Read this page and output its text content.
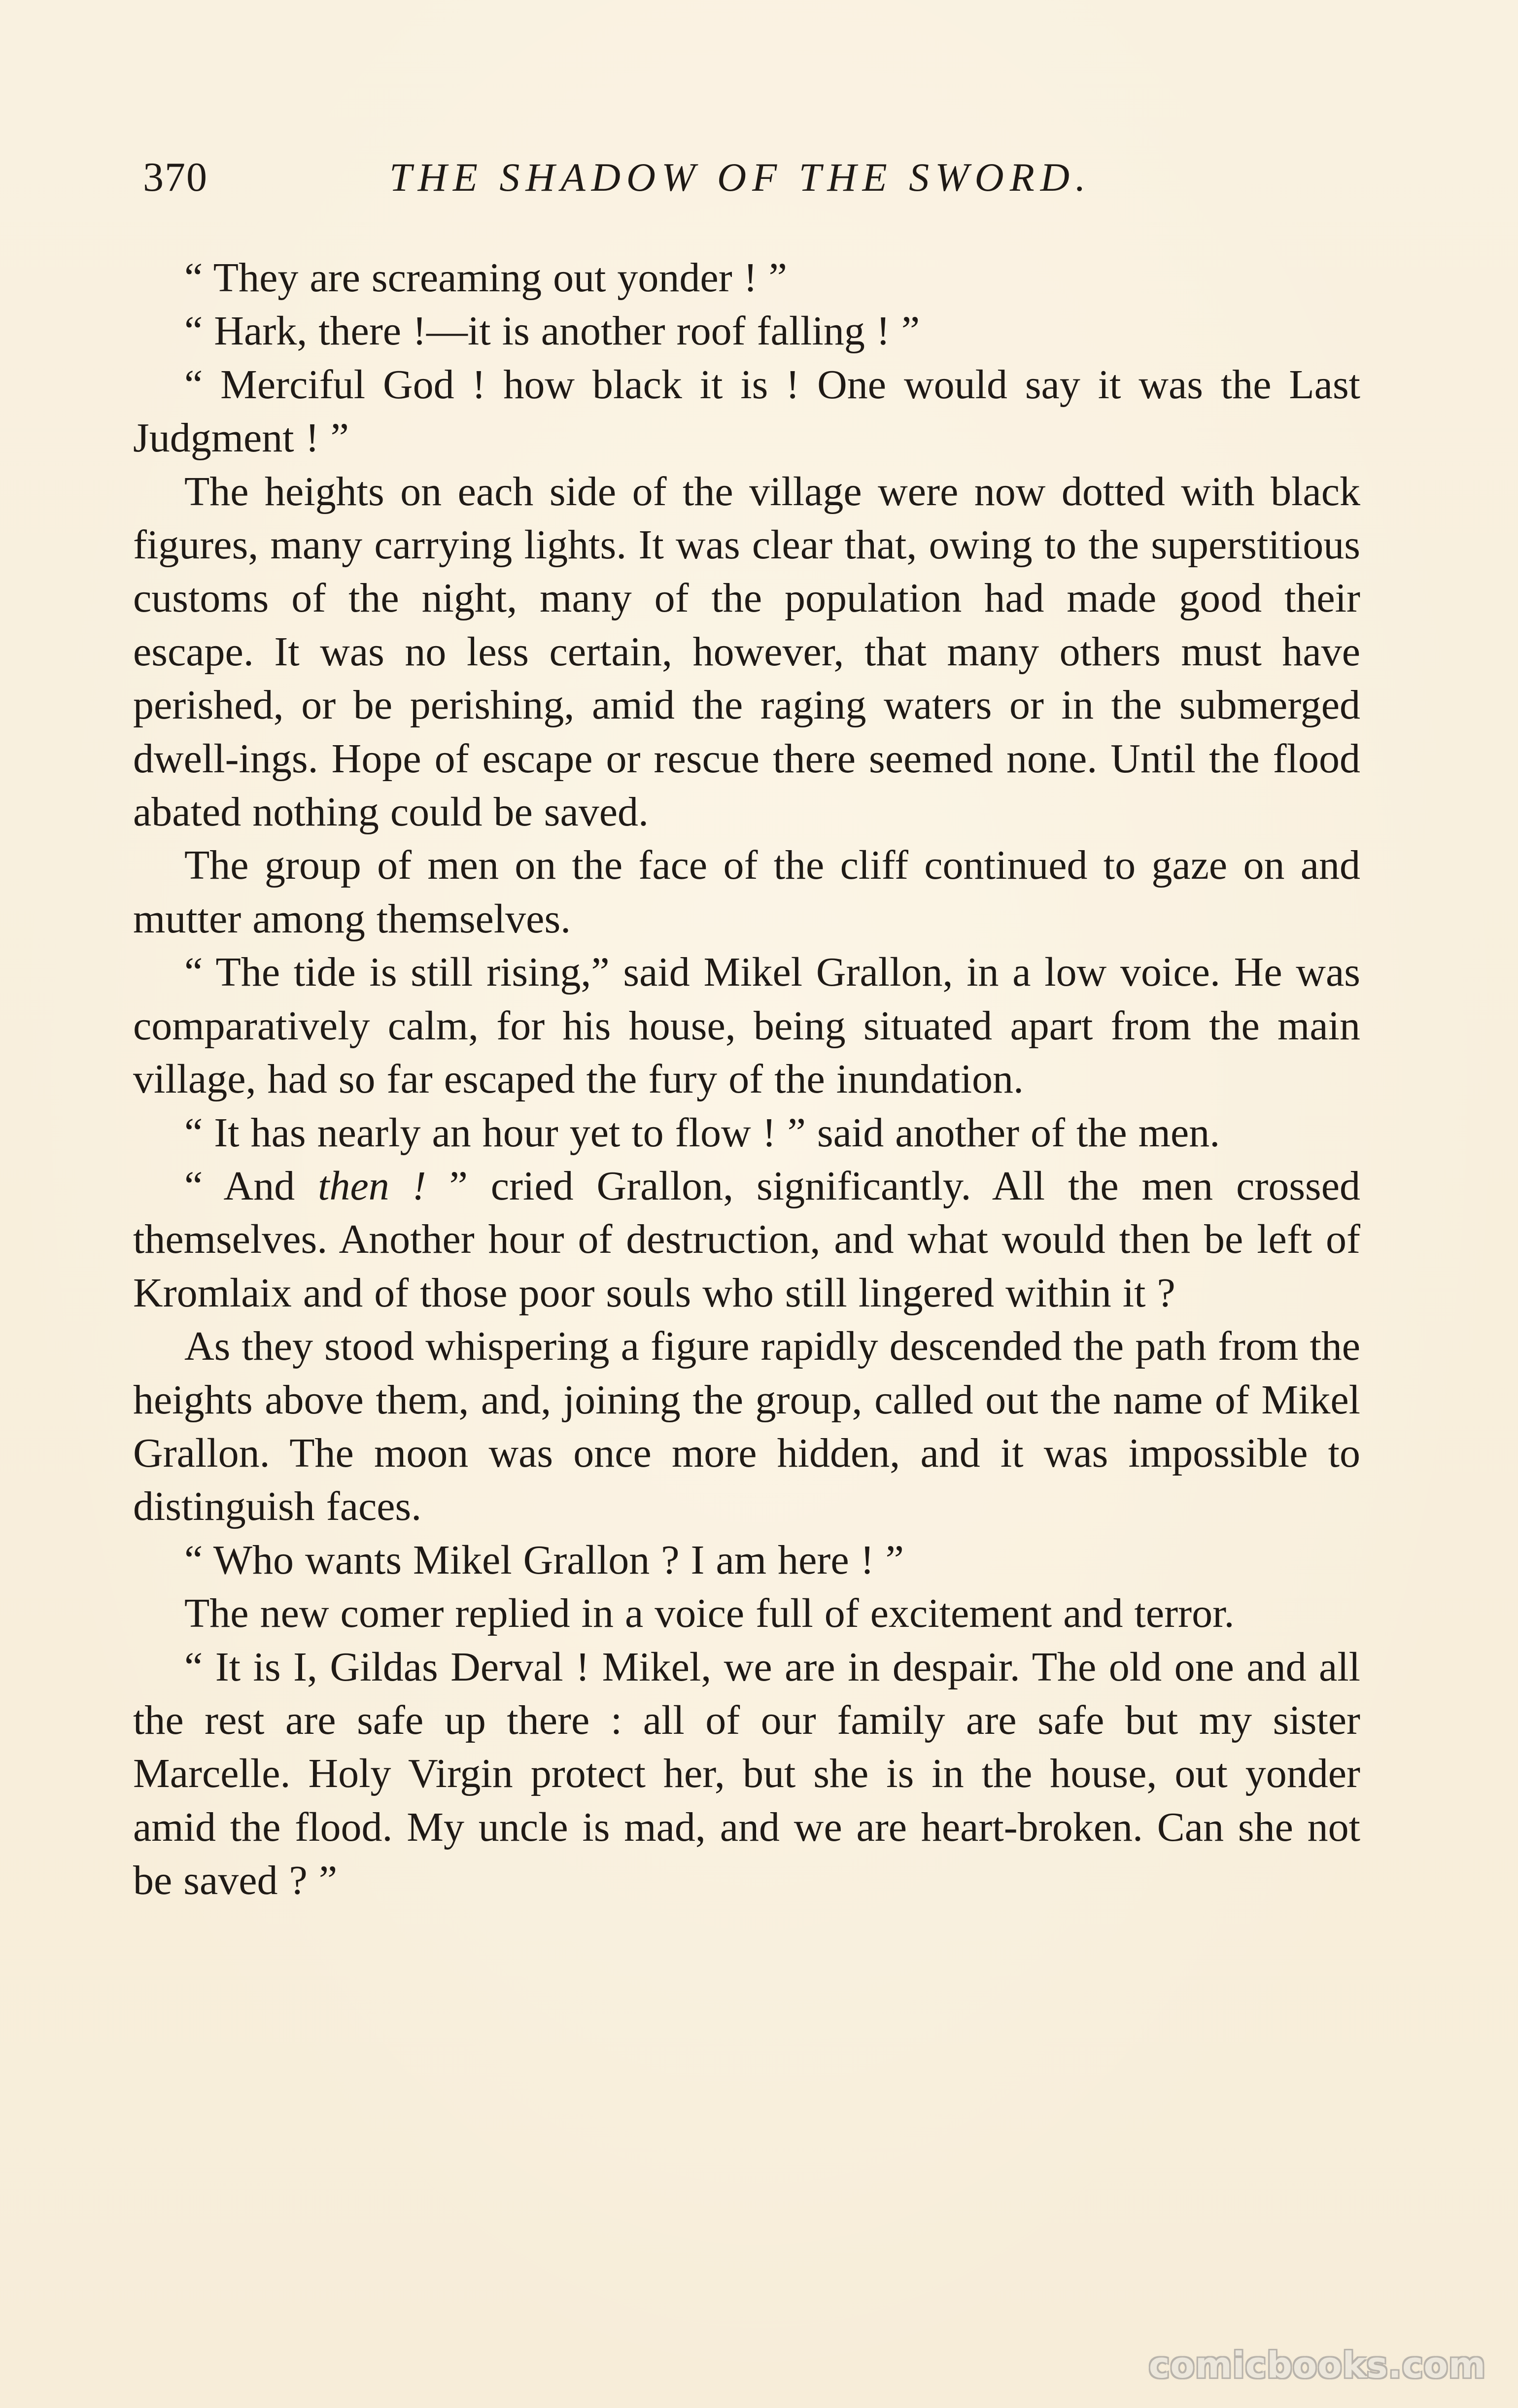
370	THE SHADOW OF THE SWORD.

“ They are screaming out yonder ! ”

“ Hark, there !—it is another roof falling ! ”

“ Merciful God ! how black it is ! One would say it was the Last Judgment ! ”

The heights on each side of the village were now dotted with black figures, many carrying lights. It was clear that, owing to the superstitious customs of the night, many of the population had made good their escape. It was no less certain, however, that many others must have perished, or be perishing, amid the raging waters or in the submerged dwell-ings. Hope of escape or rescue there seemed none. Until the flood abated nothing could be saved.

The group of men on the face of the cliff continued to gaze on and mutter among themselves.

“ The tide is still rising,” said Mikel Grallon, in a low voice. He was comparatively calm, for his house, being situated apart from the main village, had so far escaped the fury of the inundation.

“ It has nearly an hour yet to flow ! ” said another of the men.

“ And then ! ” cried Grallon, significantly. All the men crossed themselves. Another hour of destruction, and what would then be left of Kromlaix and of those poor souls who still lingered within it ?

As they stood whispering a figure rapidly descended the path from the heights above them, and, joining the group, called out the name of Mikel Grallon. The moon was once more hidden, and it was impossible to distinguish faces.

“ Who wants Mikel Grallon ? I am here ! ”

The new comer replied in a voice full of excitement and terror.

“ It is I, Gildas Derval ! Mikel, we are in despair. The old one and all the rest are safe up there : all of our family are safe but my sister Marcelle. Holy Virgin protect her, but she is in the house, out yonder amid the flood. My uncle is mad, and we are heart-broken. Can she not be saved ? ”

comicbooks.com
